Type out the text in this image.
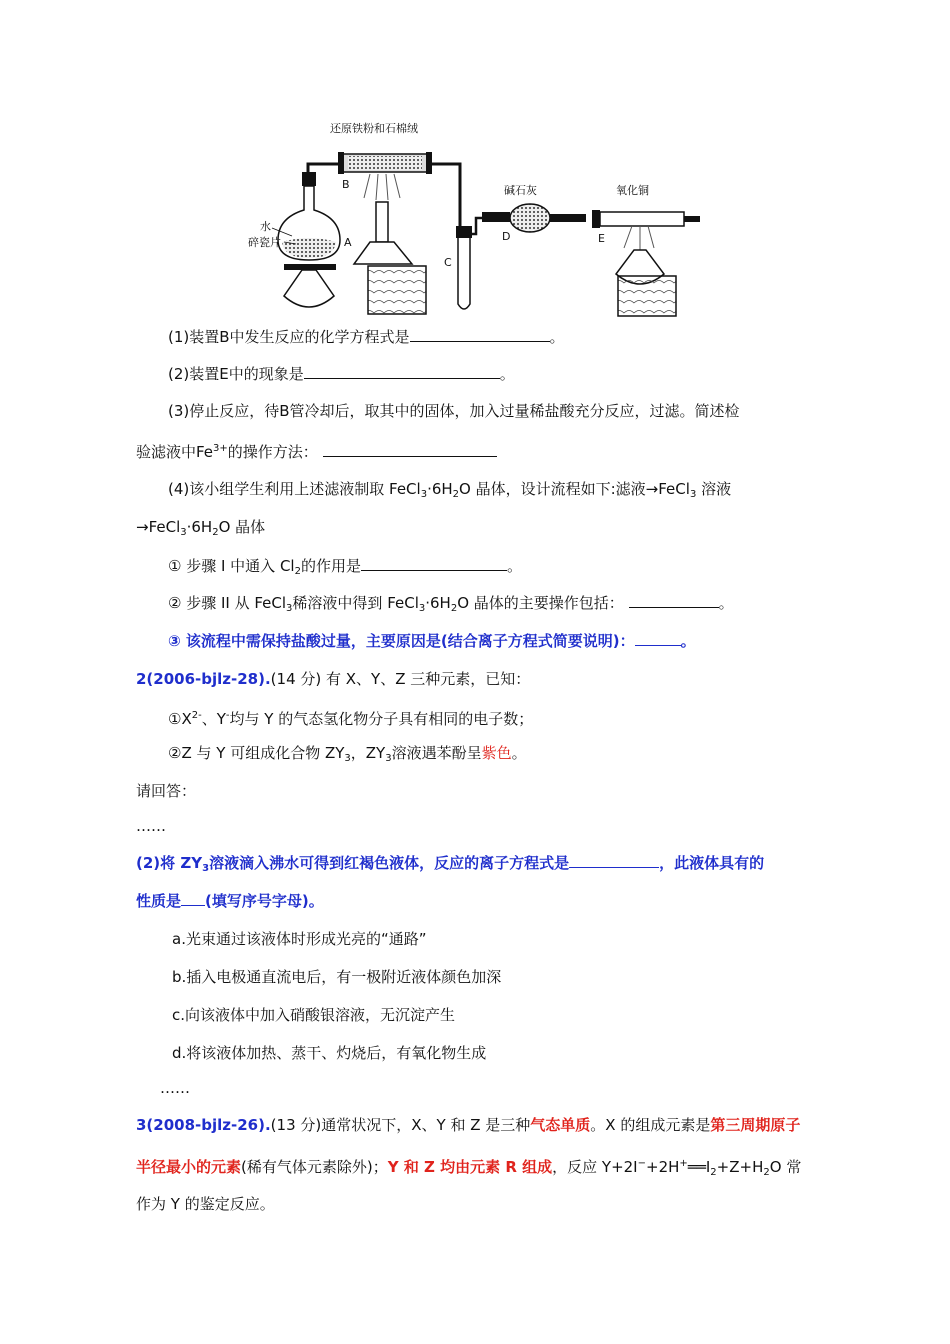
还原铁粉和石棉绒
B
水
碎瓷片	A
C
碱石灰
D
氧化铜
E
(1)装置B中发生反应的化学方程式是	。
(2)装置E中的现象是	。
(3)停止反应，待B管冷却后，取其中的固体，加入过量稀盐酸充分反应，过滤。简述检
验滤液中$Fe^{3+}$的操作方法：
(4)该小组学生利用上述滤液制取 $FeCl_3\cdot 6H_2O$ 晶体，设计流程如下:滤液→FeCl$_3$ 溶液
$\to FeCl_3\cdot 6H_2O$ 晶体
① 步骤 I 中通入 $Cl_2$的作用是	。
② 步骤 II 从 FeCl$_3$稀溶液中得到 $FeCl_3\cdot 6H_2O$ 晶体的主要操作包括：	。
③ 该流程中需保持盐酸过量，主要原因是(结合离子方程式简要说明)：	。
2(2006-bjlz-28).(14 分) 有 X、Y、Z 三种元素，已知：
$①X^{2-}$、Y-均与 Y 的气态氢化物分子具有相同的电子数；
②Z 与 Y 可组成化合物 $ZY_3$，$ZY_3$溶液遇苯酚呈紫色。
请回答：
……
(2)将 $ZY_3$溶液滴入沸水可得到红褐色液体，反应的离子方程式是	，此液体具有的
性质是 (填写序号字母)。
a.光束通过该液体时形成光亮的“通路”
b.插入电极通直流电后，有一极附近液体颜色加深
c.向该液体中加入硝酸银溶液，无沉淀产生
d.将该液体加热、蒸干、灼烧后，有氧化物生成
……
3(2008-bjlz-26).(13 分)通常状况下，X、Y 和 Z 是三种气态单质。X 的组成元素是第三周期原子
半径最小的元素(稀有气体元素除外)；Y 和 Z 均由元素 R 组成，反应 $Y+2I^-+2H^+══I_2+Z+H_2O$ 常
作为 Y 的鉴定反应。
